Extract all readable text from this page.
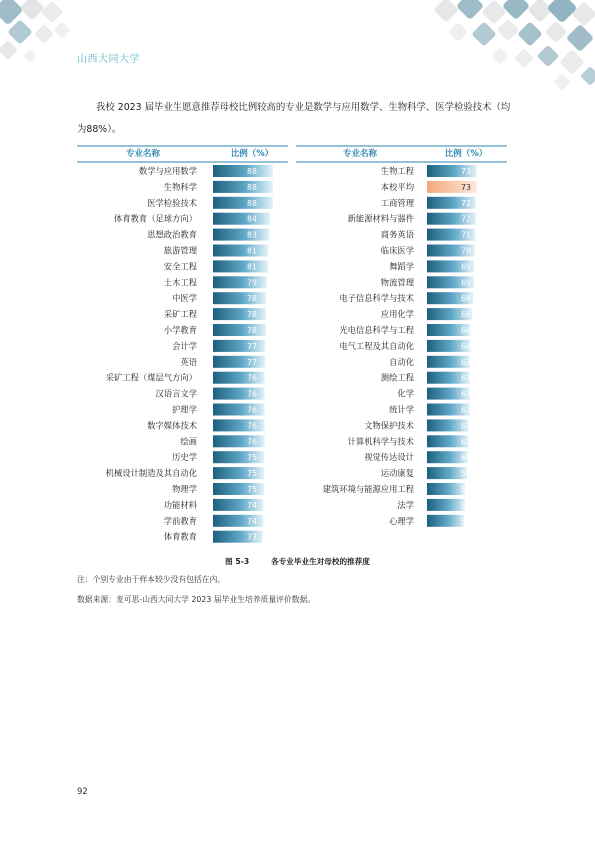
山西大同大学
我校 2023 届毕业生愿意推荐母校比例较高的专业是数学与应用数学、生物科学、医学检验技术（均为88%）。
专业名称	比例（%）	专业名称	比例（%）
数学与应用数学	88
生物科学	88
医学检验技术	88
体育教育（足球方向）	84
思想政治教育	83
旅游管理	81
安全工程	81
土木工程	79
中医学	78
采矿工程	78
小学教育	78
会计学	77
英语	77
采矿工程（煤层气方向）	76
汉语言文学	76
护理学	76
数字媒体技术	76
绘画	76
历史学	75
机械设计制造及其自动化	75
物理学	75
功能材料	74
学前教育	74
体育教育	73
生物工程	73
本校平均	73
工商管理	72
新能源材料与器件	72
商务英语	71
临床医学	70
舞蹈学	69
物流管理	69
电子信息科学与技术	68
应用化学	66
光电信息科学与工程	64
电气工程及其自动化	64
自动化	63
测绘工程	63
化学	63
统计学	63
文物保护技术	61
计算机科学与技术	61
视觉传达设计	60
运动康复	59
建筑环境与能源应用工程	56
法学	56
心理学	55
图 5-3	各专业毕业生对母校的推荐度
注：个别专业由于样本较少没有包括在内。
数据来源：麦可思-山西大同大学 2023 届毕业生培养质量评价数据。
92
